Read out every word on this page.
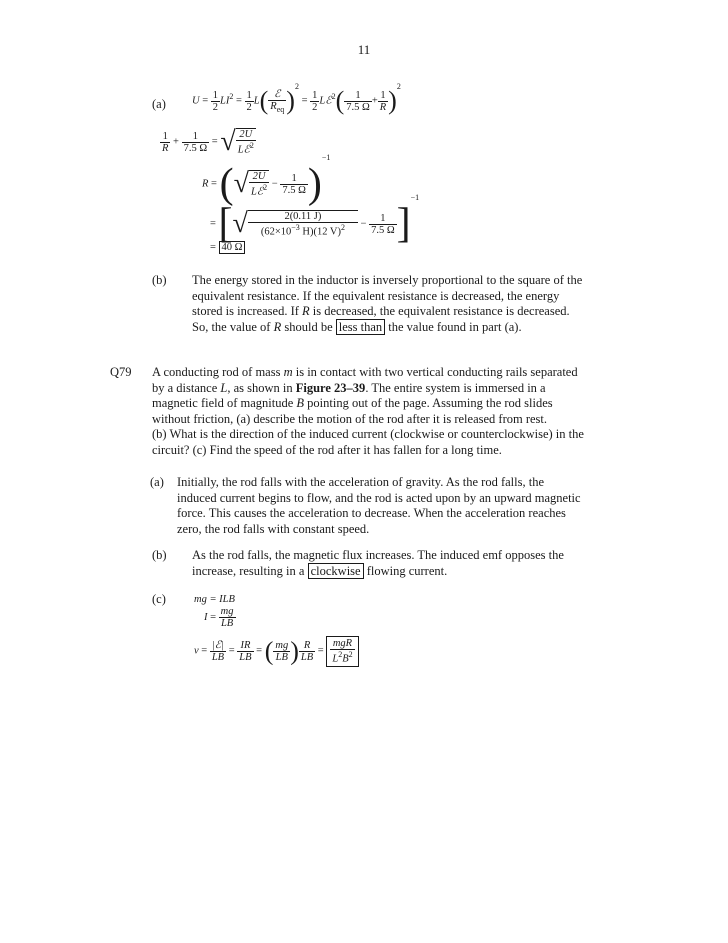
11
(a) $U = \frac{1}{2} LI^2 = \frac{1}{2} L( \frac{\text{ℰ}}{R_{eq}} )^2 = \frac{1}{2}$ Lℰ$^2$( $\frac{1}{7.5 \Omega} + \frac{1}{R} )^2$
$\frac{1}{R} + \frac{1}{7.5 \Omega}$ = √ $\frac{2U}{Lℰ^2}$
R = (√ $\frac{2U}{Lℰ^2} - \frac{1}{7.5 \Omega} )^{-1}$
= [√ $\frac{2(0.11 J)}{(62\times 10^{-3} H)(12 V)^2} - \frac{1}{7.5 \Omega} ]^{-1}$
= 40 Ω
(b) The energy stored in the inductor is inversely proportional to the square of the
equivalent resistance. If the equivalent resistance is decreased, the energy
stored is increased. If R is decreased, the equivalent resistance is decreased.
So, the value of R should be less than the value found in part (a).
Q79 A conducting rod of mass m is in contact with two vertical conducting rails separated
by a distance L, as shown in Figure 23–39. The entire system is immersed in a
magnetic field of magnitude B pointing out of the page. Assuming the rod slides
without friction, (a) describe the motion of the rod after it is released from rest.
(b) What is the direction of the induced current (clockwise or counterclockwise) in the
circuit? (c) Find the speed of the rod after it has fallen for a long time.
(a) Initially, the rod falls with the acceleration of gravity. As the rod falls, the
induced current begins to flow, and the rod is acted upon by an upward magnetic
force. This causes the acceleration to decrease. When the acceleration reaches
zero, the rod falls with constant speed.
(b) As the rod falls, the magnetic flux increases. The induced emf opposes the
increase, resulting in a clockwise flowing current.
(c)	mg = ILB
$I = \frac{mg}{LB}$
$v = \frac{\text{|ℰ|}}{LB} = \frac{IR}{LB}$ = ( $\frac{mg}{LB}$ ) $\frac{R}{LB} = \frac{\text{mgR}}{L^2B^2}$
